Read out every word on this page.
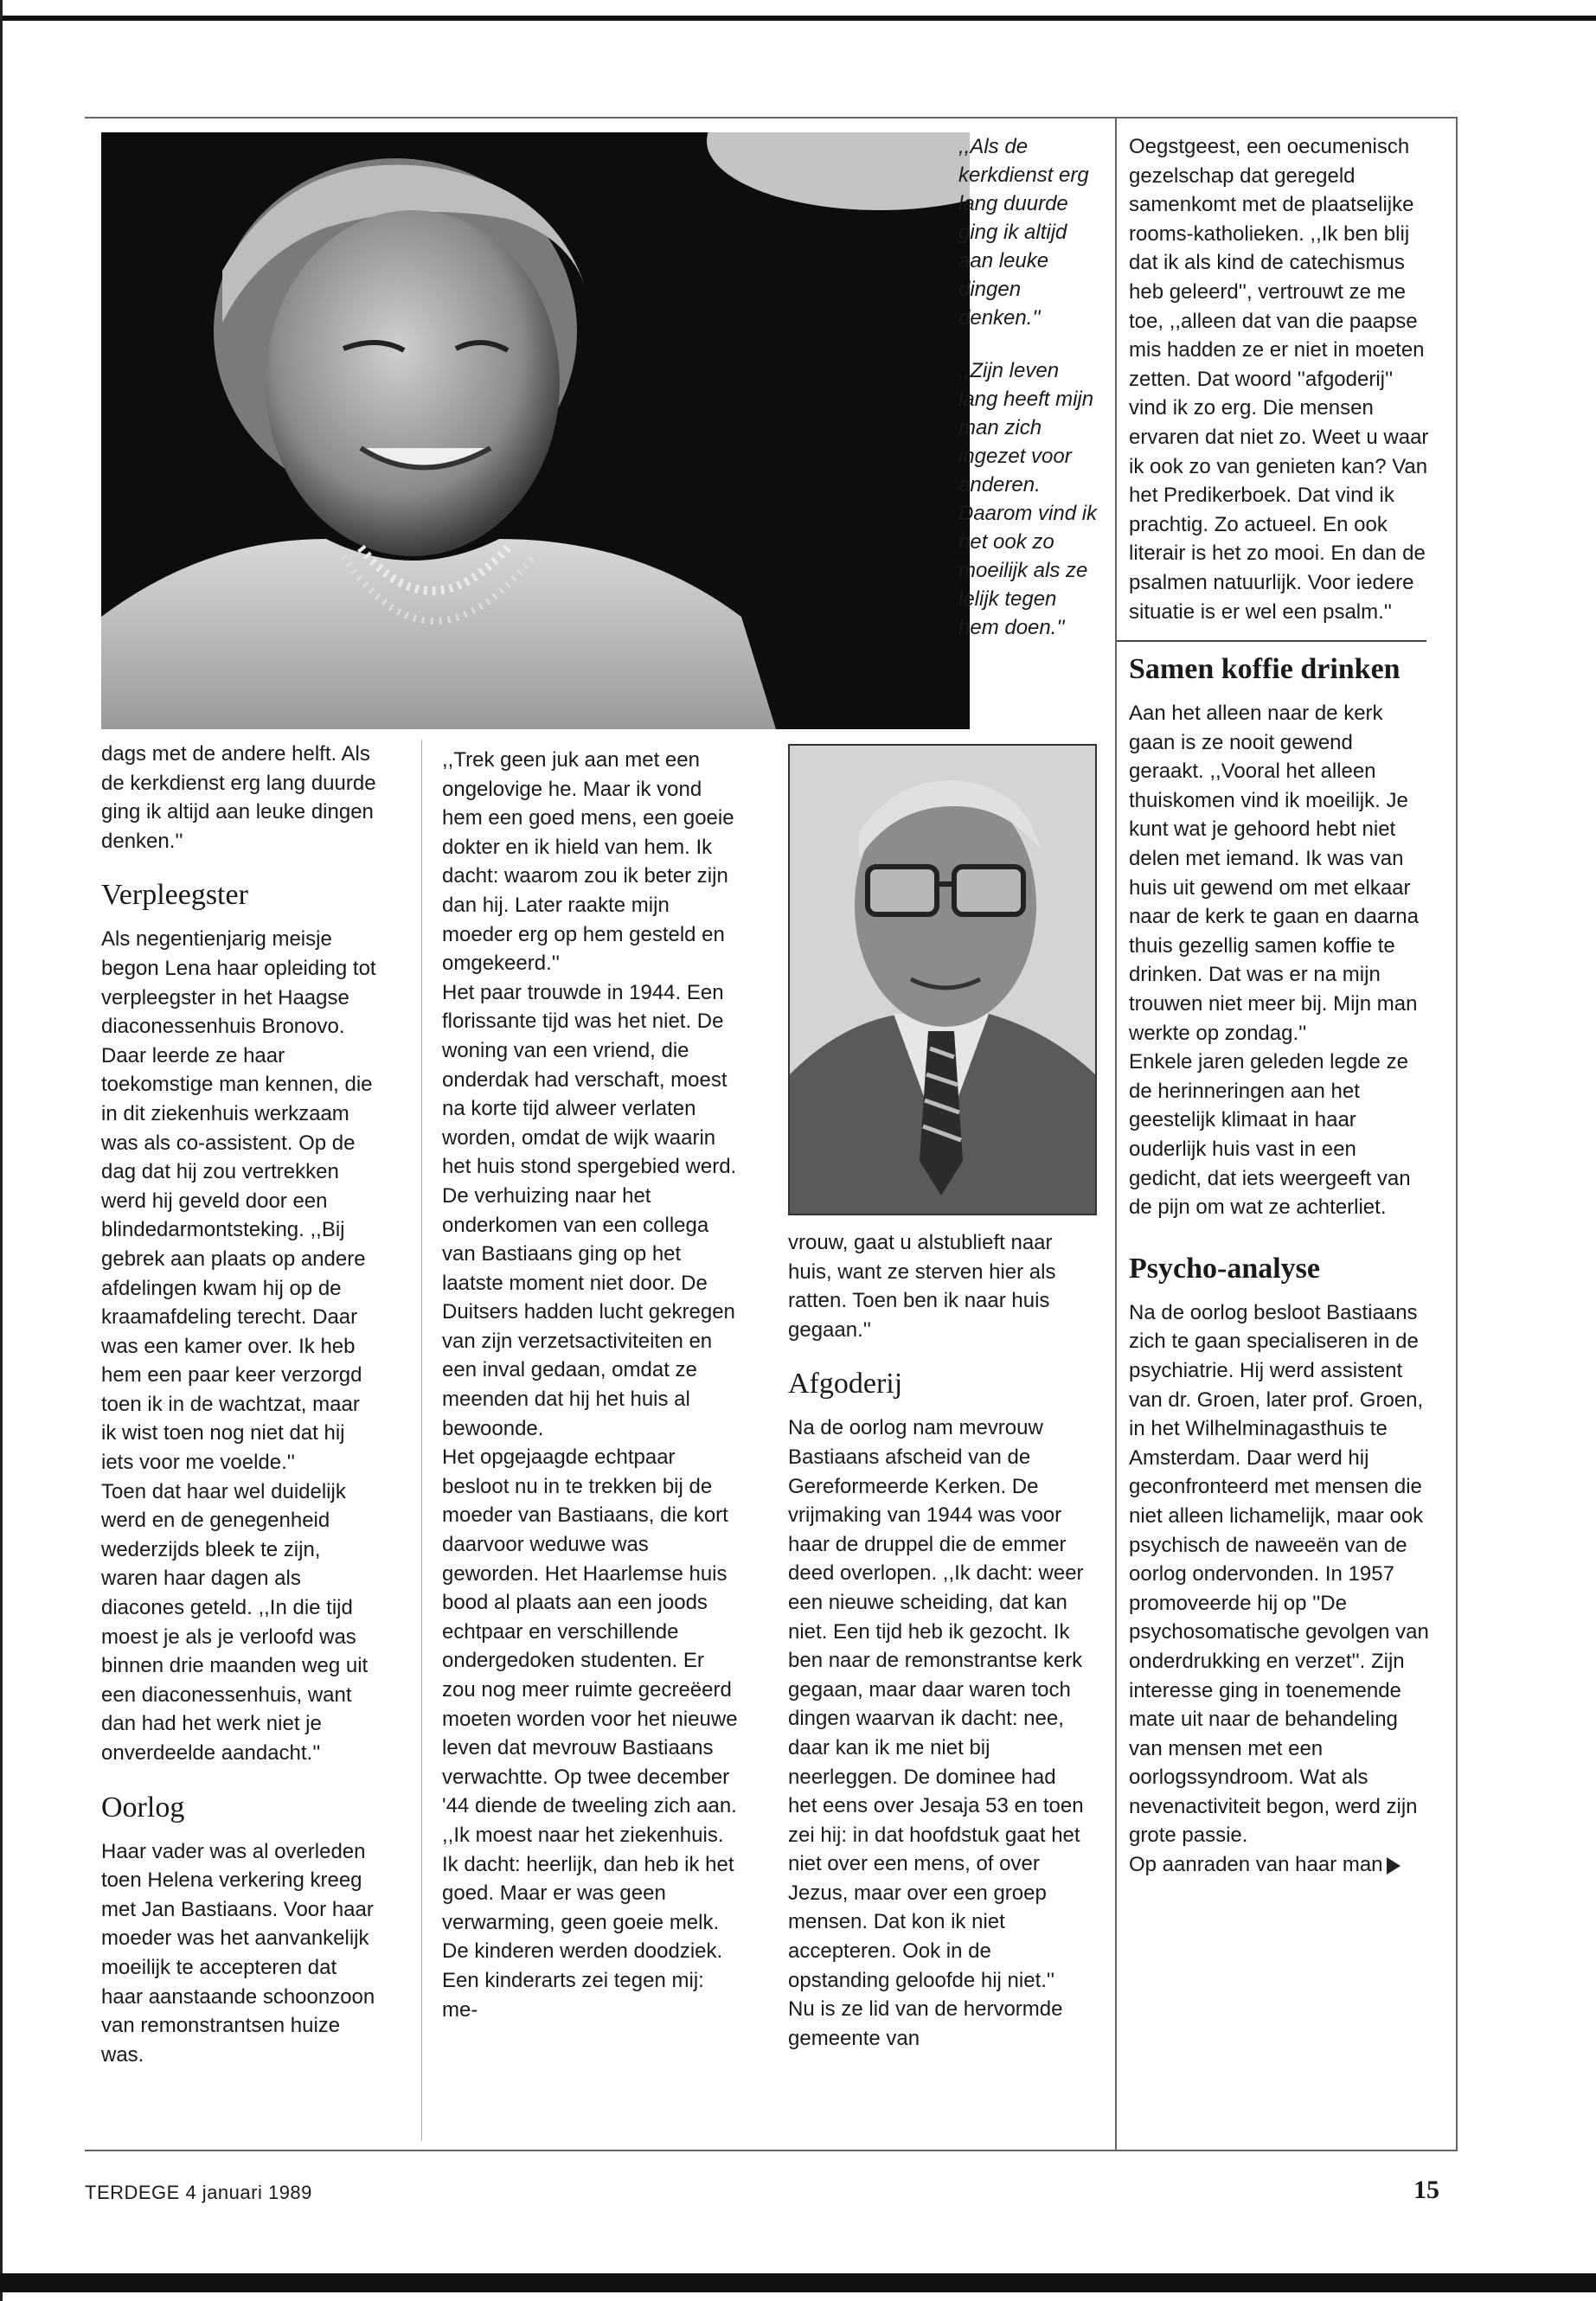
,,Als de kerkdienst erg lang duurde ging ik altijd aan leuke dingen denken.''

,,Zijn leven lang heeft mijn man zich ingezet voor anderen. Daarom vind ik het ook zo moeilijk als ze lelijk tegen hem doen.''

dags met de andere helft. Als de kerkdienst erg lang duurde ging ik altijd aan leuke dingen denken.''

Verpleegster

Als negentienjarig meisje begon Lena haar opleiding tot verpleegster in het Haagse diaconessenhuis Bronovo. Daar leerde ze haar toekomstige man kennen, die in dit ziekenhuis werkzaam was als co-assistent. Op de dag dat hij zou vertrekken werd hij geveld door een blindedarmontsteking. ,,Bij gebrek aan plaats op andere afdelingen kwam hij op de kraamafdeling terecht. Daar was een kamer over. Ik heb hem een paar keer verzorgd toen ik in de wachtzat, maar ik wist toen nog niet dat hij iets voor me voelde.''

Toen dat haar wel duidelijk werd en de genegenheid wederzijds bleek te zijn, waren haar dagen als diacones geteld. ,,In die tijd moest je als je verloofd was binnen drie maanden weg uit een diaconessenhuis, want dan had het werk niet je onverdeelde aandacht.''

Oorlog

Haar vader was al overleden toen Helena verkering kreeg met Jan Bastiaans. Voor haar moeder was het aanvankelijk moeilijk te accepteren dat haar aanstaande schoonzoon van remonstrantsen huize was.

,,Trek geen juk aan met een ongelovige he. Maar ik vond hem een goed mens, een goeie dokter en ik hield van hem. Ik dacht: waarom zou ik beter zijn dan hij. Later raakte mijn moeder erg op hem gesteld en omgekeerd.''

Het paar trouwde in 1944. Een florissante tijd was het niet. De woning van een vriend, die onderdak had verschaft, moest na korte tijd alweer verlaten worden, omdat de wijk waarin het huis stond spergebied werd. De verhuizing naar het onderkomen van een collega van Bastiaans ging op het laatste moment niet door. De Duitsers hadden lucht gekregen van zijn verzetsactiviteiten en een inval gedaan, omdat ze meenden dat hij het huis al bewoonde.

Het opgejaagde echtpaar besloot nu in te trekken bij de moeder van Bastiaans, die kort daarvoor weduwe was geworden. Het Haarlemse huis bood al plaats aan een joods echtpaar en verschillende ondergedoken studenten. Er zou nog meer ruimte gecreëerd moeten worden voor het nieuwe leven dat mevrouw Bastiaans verwachtte. Op twee december '44 diende de tweeling zich aan. ,,Ik moest naar het ziekenhuis. Ik dacht: heerlijk, dan heb ik het goed. Maar er was geen verwarming, geen goeie melk. De kinderen werden doodziek. Een kinderarts zei tegen mij: me-

vrouw, gaat u alstublieft naar huis, want ze sterven hier als ratten. Toen ben ik naar huis gegaan.''

Afgoderij

Na de oorlog nam mevrouw Bastiaans afscheid van de Gereformeerde Kerken. De vrijmaking van 1944 was voor haar de druppel die de emmer deed overlopen. ,,Ik dacht: weer een nieuwe scheiding, dat kan niet. Een tijd heb ik gezocht. Ik ben naar de remonstrantse kerk gegaan, maar daar waren toch dingen waarvan ik dacht: nee, daar kan ik me niet bij neerleggen. De dominee had het eens over Jesaja 53 en toen zei hij: in dat hoofdstuk gaat het niet over een mens, of over Jezus, maar over een groep mensen. Dat kon ik niet accepteren. Ook in de opstanding geloofde hij niet.''

Nu is ze lid van de hervormde gemeente van

Oegstgeest, een oecumenisch gezelschap dat geregeld samenkomt met de plaatselijke rooms-katholieken. ,,Ik ben blij dat ik als kind de catechismus heb geleerd'', vertrouwt ze me toe, ,,alleen dat van die paapse mis hadden ze er niet in moeten zetten. Dat woord ''afgoderij'' vind ik zo erg. Die mensen ervaren dat niet zo. Weet u waar ik ook zo van genieten kan? Van het Predikerboek. Dat vind ik prachtig. Zo actueel. En ook literair is het zo mooi. En dan de psalmen natuurlijk. Voor iedere situatie is er wel een psalm.''

Samen koffie drinken

Aan het alleen naar de kerk gaan is ze nooit gewend geraakt. ,,Vooral het alleen thuiskomen vind ik moeilijk. Je kunt wat je gehoord hebt niet delen met iemand. Ik was van huis uit gewend om met elkaar naar de kerk te gaan en daarna thuis gezellig samen koffie te drinken. Dat was er na mijn trouwen niet meer bij. Mijn man werkte op zondag.''

Enkele jaren geleden legde ze de herinneringen aan het geestelijk klimaat in haar ouderlijk huis vast in een gedicht, dat iets weergeeft van de pijn om wat ze achterliet.

Psycho-analyse

Na de oorlog besloot Bastiaans zich te gaan specialiseren in de psychiatrie. Hij werd assistent van dr. Groen, later prof. Groen, in het Wilhelminagasthuis te Amsterdam. Daar werd hij geconfronteerd met mensen die niet alleen lichamelijk, maar ook psychisch de naweeën van de oorlog ondervonden. In 1957 promoveerde hij op ''De psychosomatische gevolgen van onderdrukking en verzet''. Zijn interesse ging in toenemende mate uit naar de behandeling van mensen met een oorlogssyndroom. Wat als nevenactiviteit begon, werd zijn grote passie.

Op aanraden van haar man

TERDEGE 4 januari 1989	15
